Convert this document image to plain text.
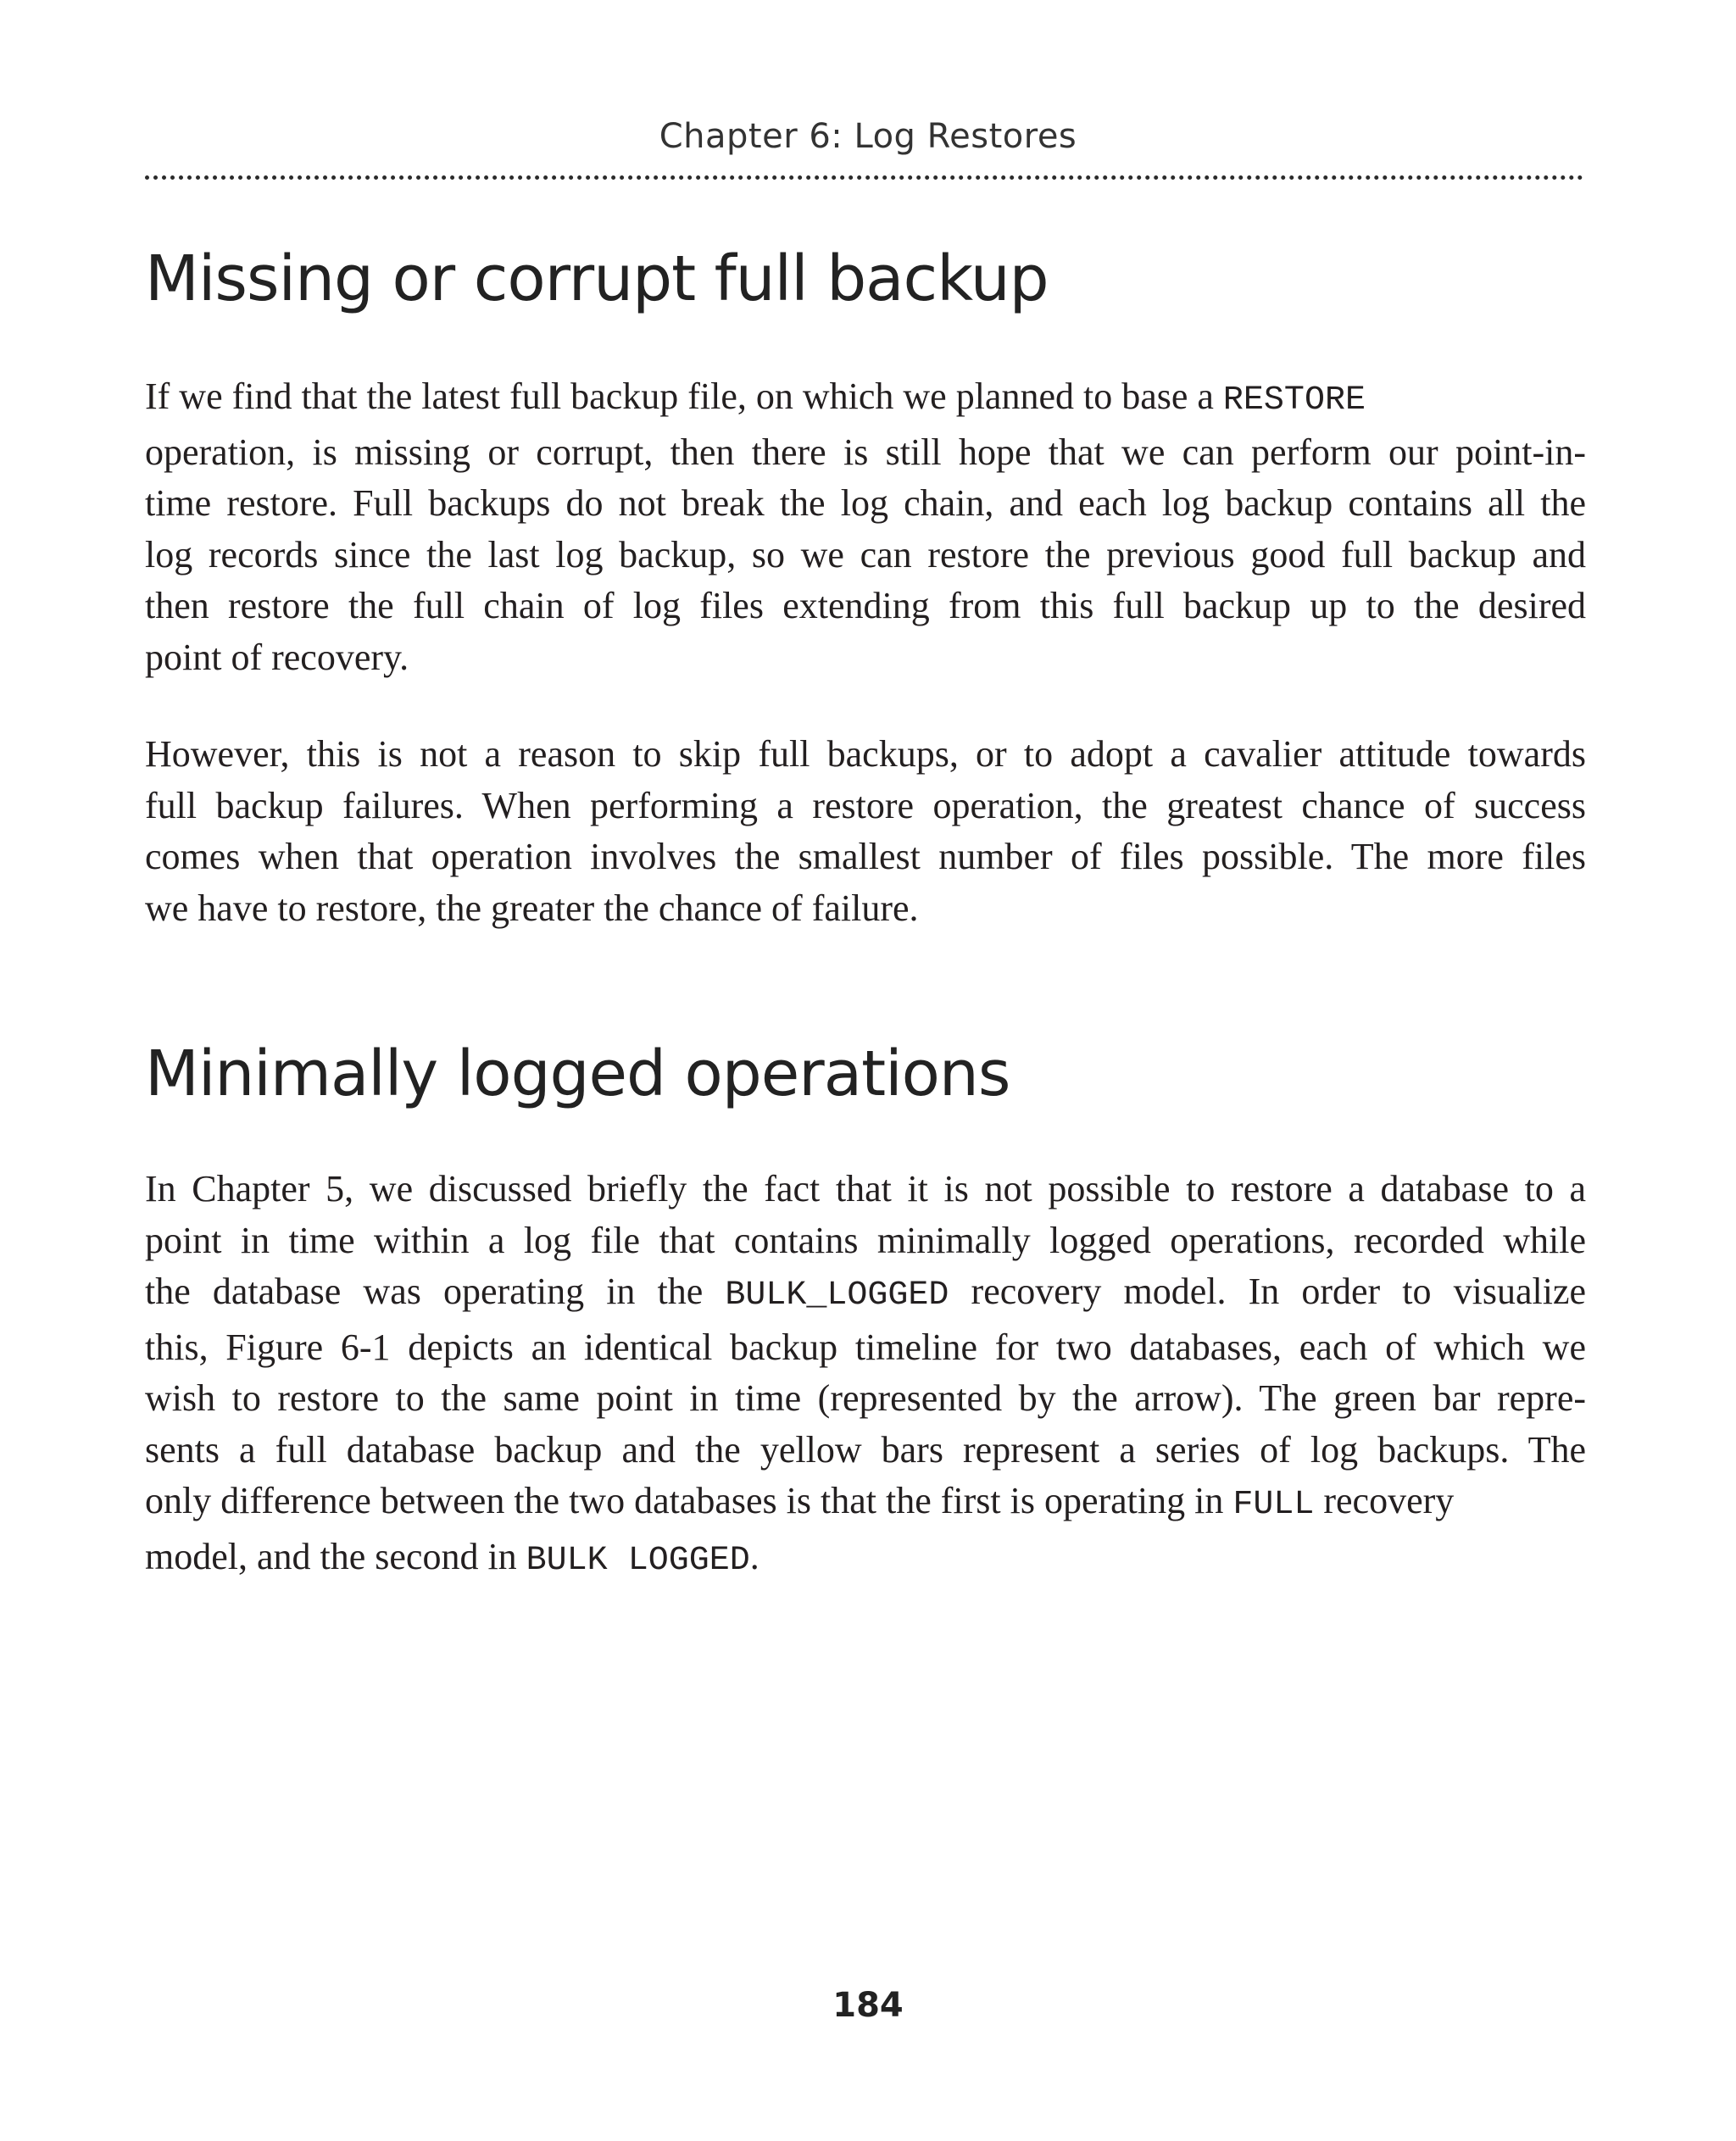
Chapter 6: Log Restores
Missing or corrupt full backup

If we find that the latest full backup file, on which we planned to base a RESTORE
operation, is missing or corrupt, then there is still hope that we can perform our point-in-
time restore. Full backups do not break the log chain, and each log backup contains all the
log records since the last log backup, so we can restore the previous good full backup and
then restore the full chain of log files extending from this full backup up to the desired
point of recovery.

However, this is not a reason to skip full backups, or to adopt a cavalier attitude towards
full backup failures. When performing a restore operation, the greatest chance of success
comes when that operation involves the smallest number of files possible. The more files
we have to restore, the greater the chance of failure.

Minimally logged operations

In Chapter 5, we discussed briefly the fact that it is not possible to restore a database to a
point in time within a log file that contains minimally logged operations, recorded while
the database was operating in the BULK_LOGGED recovery model. In order to visualize
this, Figure 6-1 depicts an identical backup timeline for two databases, each of which we
wish to restore to the same point in time (represented by the arrow). The green bar repre-
sents a full database backup and the yellow bars represent a series of log backups. The
only difference between the two databases is that the first is operating in FULL recovery
model, and the second in BULK LOGGED.

184
